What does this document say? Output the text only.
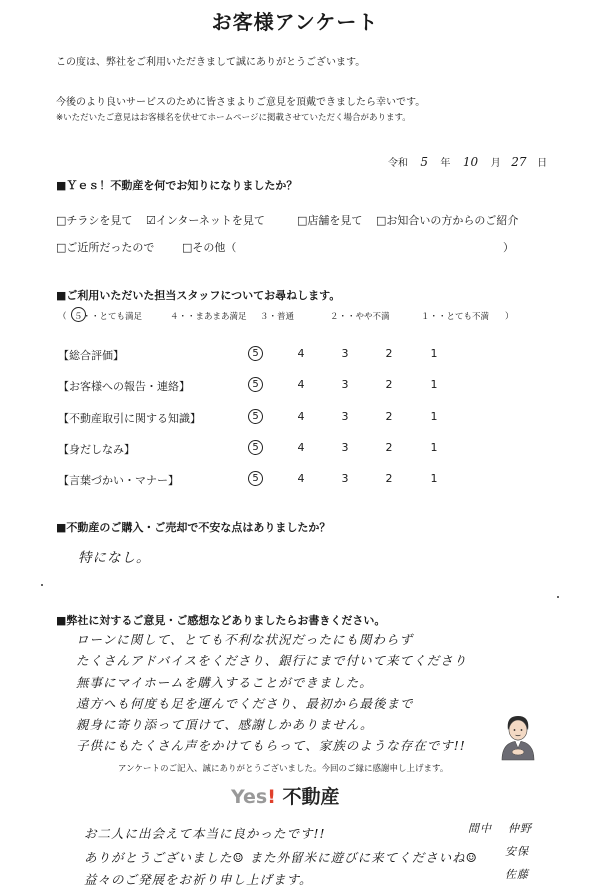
お客様アンケート
この度は、弊社をご利用いただきまして誠にありがとうございます。
今後のより良いサービスのために皆さまよりご意見を頂戴できましたら幸いです。
※いただいたご意見はお客様名を伏せてホームページに掲載させていただく場合があります。
令和 5 年 10 月 27 日
■Ｙｅｓ！不動産を何でお知りになりましたか？
□チラシを見て ☑インターネットを見て	□店舗を見て □お知合いの方からのご紹介
□ご近所だったので	□その他（	）
■ご利用いただいた担当スタッフについてお尋ねします。
（ ５・・とても満足	４・・まあまあ満足 ３・普通	２・・やや不満	１・・とても不満 ）
【総合評価】	5	4	3	2	1
【お客様への報告・連絡】	5	4	3	2	1
【不動産取引に関する知識】	5	4	3	2	1
【身だしなみ】	5	4	3	2	1
【言葉づかい・マナー】	5	4	3	2	1
■不動産のご購入・ご売却で不安な点はありましたか？
特になし。
■弊社に対するご意見・ご感想などありましたらお書きください。
ローンに関して、とても不利な状況だったにも関わらず
たくさんアドバイスをくださり、銀行にまで付いて来てくださり
無事にマイホームを購入することができました。
遠方へも何度も足を運んでくださり、最初から最後まで
親身に寄り添って頂けて、感謝しかありません。
子供にもたくさん声をかけてもらって、家族のような存在です!!
アンケートのご記入、誠にありがとうございました。今回のご縁に感謝申し上げます。
Yes! 不動産
お二人に出会えて本当に良かったです!!
ありがとうございました☺ また外留米に遊びに来てくださいね☺
益々のご発展をお祈り申し上げます。
間中 仲野
安保
佐藤
